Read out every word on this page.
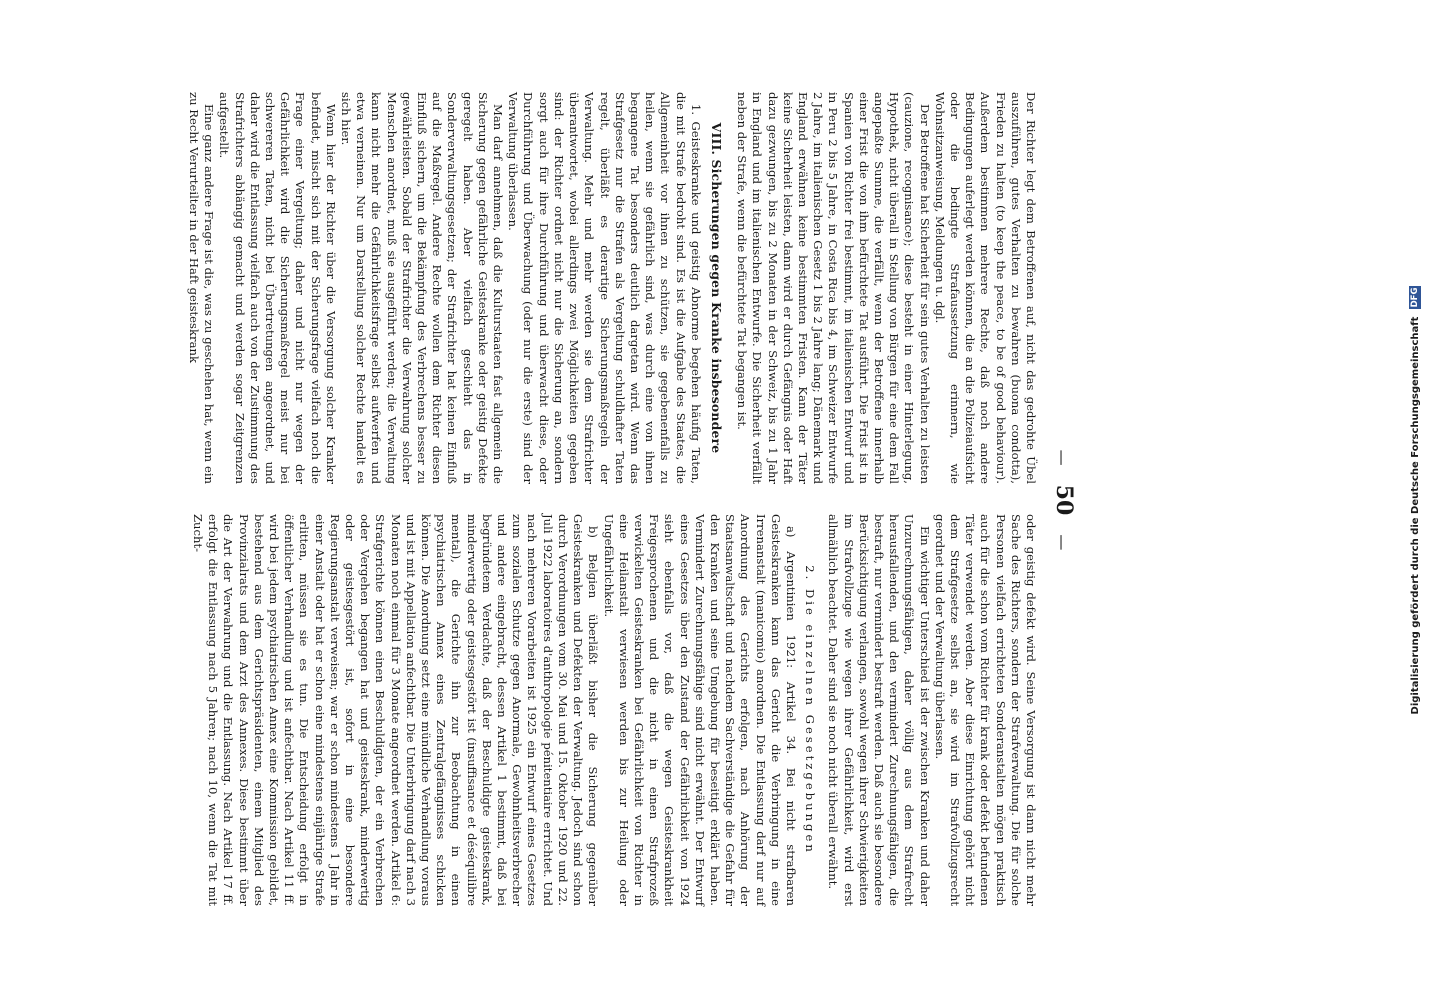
— 50 —

Der Richter legt dem Betroffenen auf, nicht das gedrohte Übel auszuführen, gutes Verhalten zu bewahren (buona condotta), Frieden zu halten (to keep the peace, to be of good behaviour). Außerdem bestimmen mehrere Rechte, daß noch andere Bedingungen auferlegt werden können, die an die Polizeiaufsicht oder die bedingte Strafaussetzung erinnern, wie Wohnsitzanweisung, Meldungen u. dgl.

Der Betroffene hat Sicherheit für sein gutes Verhalten zu leisten (cauzione, recognisance); diese besteht in einer Hinterlegung, Hypothek, nicht überall in Stellung von Bürgen für eine dem Fall angepaßte Summe, die verfällt, wenn der Betroffene innerhalb einer Frist die von ihm befürchtete Tat ausführt. Die Frist ist in Spanien von Richter frei bestimmt, im italienischen Entwurf und in Peru 2 bis 5 Jahre, in Costa Rica bis 4, im Schweizer Entwurfe 2 Jahre, im italienischen Gesetz 1 bis 2 Jahre lang; Dänemark und England erwähnen keine bestimmten Fristen. Kann der Täter keine Sicherheit leisten, dann wird er durch Gefängnis oder Haft dazu gezwungen, bis zu 2 Monaten in der Schweiz, bis zu 1 Jahr in England und im italienischen Entwurfe. Die Sicherheit verfällt neben der Strafe, wenn die befürchtete Tat begangen ist.

VIII. Sicherungen gegen Kranke insbesondere

1. Geisteskranke und geistig Abnorme begehen häufig Taten, die mit Strafe bedroht sind. Es ist die Aufgabe des Staates, die Allgemeinheit vor ihnen zu schützen, sie gegebenenfalls zu heilen, wenn sie gefährlich sind, was durch eine von ihnen begangene Tat besonders deutlich dargetan wird. Wenn das Strafgesetz nur die Strafen als Vergeltung schuldhafter Taten regelt, überläßt es derartige Sicherungsmaßregeln der Verwaltung. Mehr und mehr werden sie dem Strafrichter überantwortet, wobei allerdings zwei Möglichkeiten gegeben sind: der Richter ordnet nicht nur die Sicherung an, sondern sorgt auch für ihre Durchführung und überwacht diese, oder Durchführung und Überwachung (oder nur die erste) sind der Verwaltung überlassen.

Man darf annehmen, daß die Kulturstaaten fast allgemein die Sicherung gegen gefährliche Geisteskranke oder geistig Defekte geregelt haben. Aber vielfach geschieht das in Sonderverwaltungsgesetzen; der Strafrichter hat keinen Einfluß auf die Maßregel. Andere Rechte wollen dem Richter diesen Einfluß sichern, um die Bekämpfung des Verbrechens besser zu gewährleisten. Sobald der Strafrichter die Verwahrung solcher Menschen anordnet, muß sie ausgeführt werden; die Verwaltung kann nicht mehr die Gefährlichkeitsfrage selbst aufwerfen und etwa verneinen. Nur um Darstellung solcher Rechte handelt es sich hier.

Wenn hier der Richter über die Versorgung solcher Kranker befindet, mischt sich mit der Sicherungsfrage vielfach noch die Frage einer Vergeltung; daher und nicht nur wegen der Gefährlichkeit wird die Sicherungsmaßregel meist nur bei schwereren Taten, nicht bei Übertretungen angeordnet, und daher wird die Entlassung vielfach auch von der Zustimmung des Strafrichters abhängig gemacht und werden sogar Zeitgrenzen aufgestellt.

Eine ganz andere Frage ist die, was zu geschehen hat, wenn ein zu Recht Verurteilter in der Haft geisteskrank

oder geistig defekt wird. Seine Versorgung ist dann nicht mehr Sache des Richters, sondern der Strafverwaltung. Die für solche Personen vielfach errichteten Sonderanstalten mögen praktisch auch für die schon vom Richter für krank oder defekt befundenen Täter verwendet werden. Aber diese Einrichtung gehört nicht dem Strafgesetze selbst an, sie wird im Strafvollzugsrecht geordnet und der Verwaltung überlassen.

Ein wichtiger Unterschied ist der zwischen Kranken und daher Unzurechnungsfähigen, daher völlig aus dem Strafrecht herausfallenden, und den vermindert Zurechnungsfähigen, die bestraft, nur vermindert bestraft werden. Daß auch sie besondere Berücksichtigung verlangen, sowohl wegen ihrer Schwierigkeiten im Strafvollzuge wie wegen ihrer Gefährlichkeit, wird erst allmählich beachtet. Daher sind sie noch nicht überall erwähnt.

2. Die einzelnen Gesetzgebungen

a) Argentinien 1921: Artikel 34. Bei nicht strafbaren Geisteskranken kann das Gericht die Verbringung in eine Irrenanstalt (manicomio) anordnen. Die Entlassung darf nur auf Anordnung des Gerichts erfolgen, nach Anhörung der Staatsanwaltschaft und nachdem Sachverständige die Gefahr für den Kranken und seine Umgebung für beseitigt erklärt haben. Vermindert Zurechnungsfähige sind nicht erwähnt. Der Entwurf eines Gesetzes über den Zustand der Gefährlichkeit von 1924 sieht ebenfalls vor, daß die wegen Geisteskrankheit Freigesprochenen und die nicht in einen Strafprozeß verwickelten Geisteskranken bei Gefährlichkeit von Richter in eine Heilanstalt verwiesen werden bis zur Heilung oder Ungefährlichkeit.

b) Belgien überläßt bisher die Sicherung gegenüber Geisteskranken und Defekten der Verwaltung. Jedoch sind schon durch Verordnungen vom 30. Mai und 15. Oktober 1920 und 22. Juli 1922 laboratoires d'anthropologie pénitentiaire errichtet. Und nach mehreren Vorarbeiten ist 1925 ein Entwurf eines Gesetzes zum sozialen Schutze gegen Anormale, Gewohnheitsverbrecher und andere eingebracht, dessen Artikel 1 bestimmt, daß bei begründetem Verdachte, daß der Beschuldigte geisteskrank, minderwertig oder geistesgestört ist (insuffisance et déséquilibre mental), die Gerichte ihn zur Beobachtung in einen psychiatrischen Annex eines Zentralgefängnisses schicken können. Die Anordnung setzt eine mündliche Verhandlung voraus und ist mit Appellation anfechtbar. Die Unterbringung darf nach 3 Monaten noch einmal für 3 Monate angeordnet werden. Artikel 6: Strafgerichte können einen Beschuldigten, der ein Verbrechen oder Vergehen begangen hat und geisteskrank, minderwertig oder geistesgestört ist, sofort in eine besondere Regierungsanstalt verweisen; war er schon mindestens 1 Jahr in einer Anstalt oder hat er schon eine mindestens einjährige Strafe erlitten, müssen sie es tun. Die Entscheidung erfolgt in öffentlicher Verhandlung und ist anfechtbar. Nach Artikel 11 ff. wird bei jedem psychiatrischen Annex eine Kommission gebildet, bestehend aus dem Gerichtspräsidenten, einem Mitglied des Provinzialrats und dem Arzt des Annexes. Diese bestimmt über die Art der Verwahrung und die Entlassung. Nach Artikel 17 ff. erfolgt die Entlassung nach 5 Jahren; nach 10, wenn die Tat mit Zucht-	Digitalisierung gefördert durch die Deutsche Forschungsgemeinschaft DFG
